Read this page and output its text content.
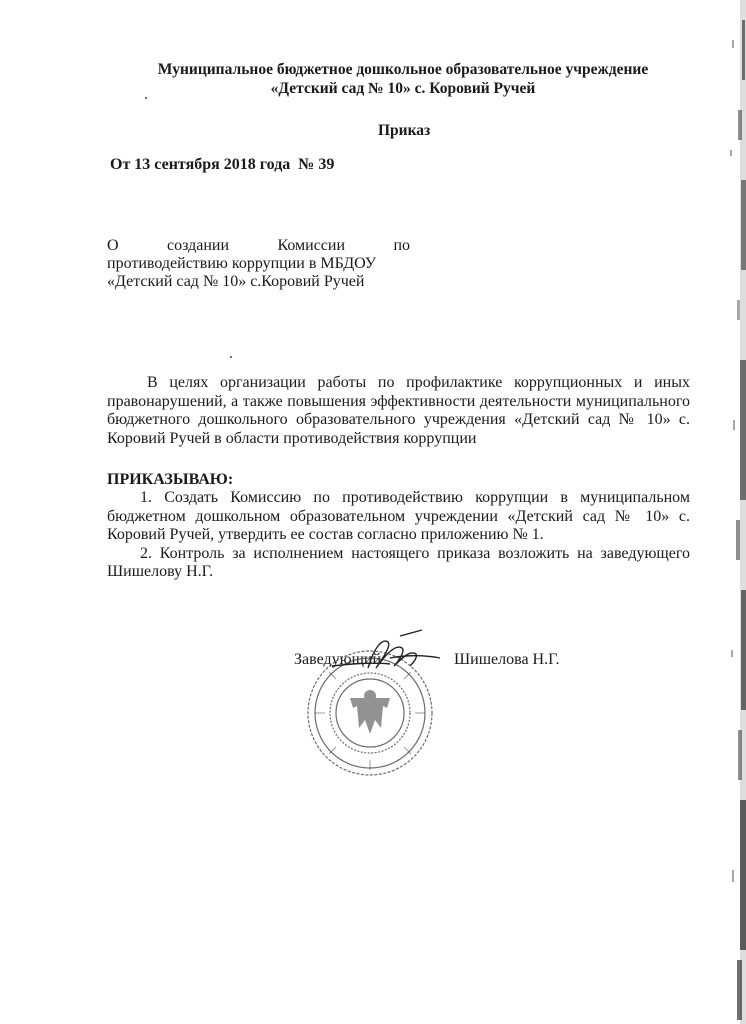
Муниципальное бюджетное дошкольное образовательное учреждение
«Детский сад № 10» с. Коровий Ручей
Приказ
От 13 сентября 2018 года  № 39
О	создании	Комиссии	по
противодействию коррупции в МБДОУ
«Детский сад № 10» с.Коровий Ручей
В целях организации работы по профилактике коррупционных и иных правонарушений, а также повышения эффективности деятельности муниципального бюджетного дошкольного образовательного учреждения «Детский сад № 10» с. Коровий Ручей в области противодействия коррупции
ПРИКАЗЫВАЮ:
1. Создать Комиссию по противодействию коррупции в муниципальном бюджетном дошкольном образовательном учреждении «Детский сад № 10» с. Коровий Ручей, утвердить ее состав согласно приложению № 1.
2. Контроль за исполнением настоящего приказа возложить на заведующего Шишелову Н.Г.
Заведующий	Шишелова Н.Г.
